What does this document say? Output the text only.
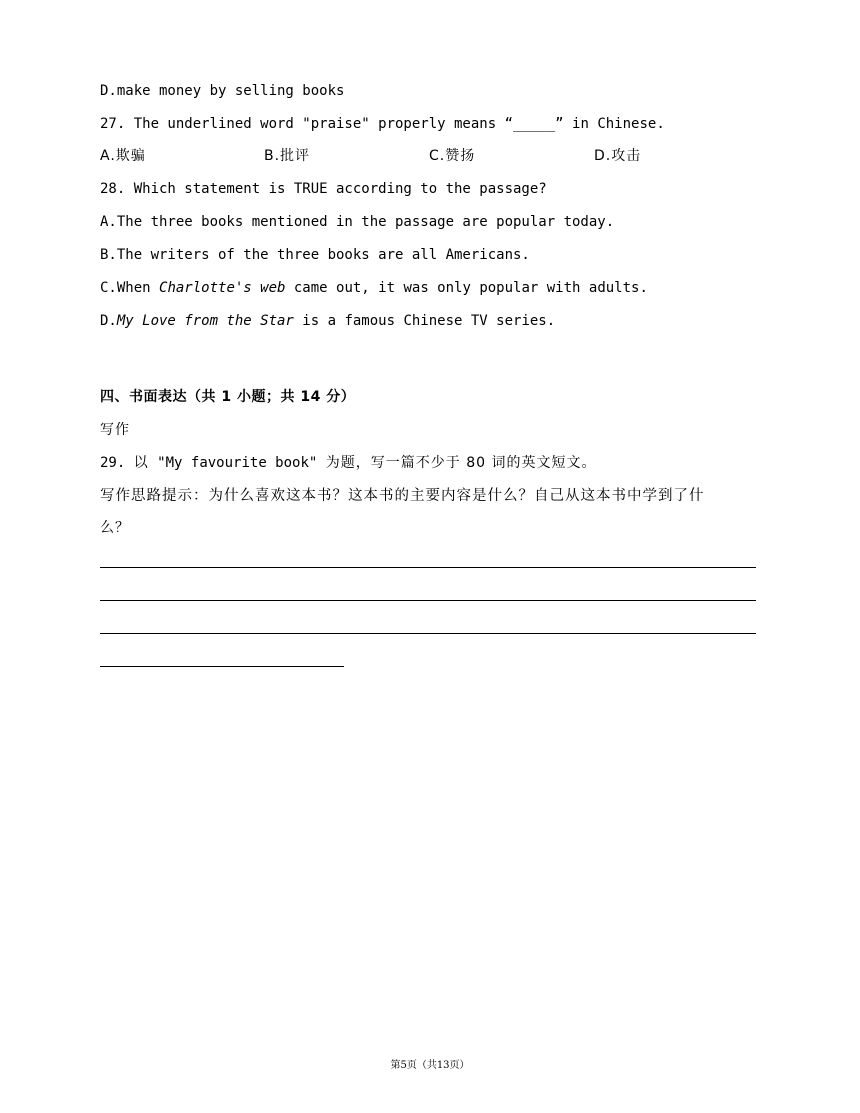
D.make money by selling books
27. The underlined word "praise" properly means “_____” in Chinese.
A.欺骗	B.批评	C.赞扬	D.攻击
28. Which statement is TRUE according to the passage?
A.The three books mentioned in the passage are popular today.
B.The writers of the three books are all Americans.
C.When Charlotte's web came out, it was only popular with adults.
D.My Love from the Star is a famous Chinese TV series.
四、书面表达（共 1 小题；共 14 分）
写作
29. 以 "My favourite book" 为题，写一篇不少于 80 词的英文短文。
写作思路提示：为什么喜欢这本书？这本书的主要内容是什么？自己从这本书中学到了什
么？
第5页（共13页）
